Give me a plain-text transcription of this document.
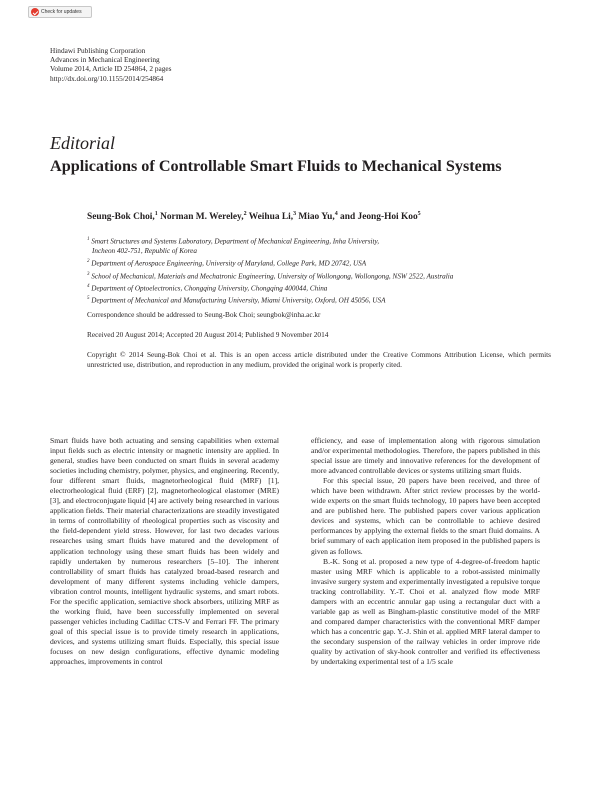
Check for updates
Hindawi Publishing Corporation
Advances in Mechanical Engineering
Volume 2014, Article ID 254864, 2 pages
http://dx.doi.org/10.1155/2014/254864
Editorial
Applications of Controllable Smart Fluids to Mechanical Systems
Seung-Bok Choi,$^1$ Norman M. Wereley,$^2$ Weihua Li,$^3$ Miao Yu,$^4$ and Jeong-Hoi Koo$^5$
$^1$ Smart Structures and Systems Laboratory, Department of Mechanical Engineering, Inha University,
Incheon 402-751, Republic of Korea
$^2$ Department of Aerospace Engineering, University of Maryland, College Park, MD 20742, USA
$^3$ School of Mechanical, Materials and Mechatronic Engineering, University of Wollongong, Wollongong, NSW 2522, Australia
$^4$ Department of Optoelectronics, Chongqing University, Chongqing 400044, China
$^5$ Department of Mechanical and Manufacturing University, Miami University, Oxford, OH 45056, USA
Correspondence should be addressed to Seung-Bok Choi; seungbok@inha.ac.kr
Received 20 August 2014; Accepted 20 August 2014; Published 9 November 2014
Copyright © 2014 Seung-Bok Choi et al. This is an open access article distributed under the Creative Commons Attribution License, which permits unrestricted use, distribution, and reproduction in any medium, provided the original work is properly cited.

Smart fluids have both actuating and sensing capabilities when external input fields such as electric intensity or magnetic intensity are applied. In general, studies have been conducted on smart fluids in several academy societies including chemistry, polymer, physics, and engineering. Recently, four different smart fluids, magnetorheological fluid (MRF) [1], electrorheological fluid (ERF) [2], magnetorheological elastomer (MRE) [3], and electroconjugate liquid [4] are actively being researched in various application fields. Their material characterizations are steadily investigated in terms of controllability of rheological properties such as viscosity and the field-dependent yield stress. However, for last two decades various researches using smart fluids have matured and the development of application technology using these smart fluids has been widely and rapidly undertaken by numerous researchers [5–10]. The inherent controllability of smart fluids has catalyzed broad-based research and development of many different systems including vehicle dampers, vibration control mounts, intelligent hydraulic systems, and smart robots. For the specific application, semiactive shock absorbers, utilizing MRF as the working fluid, have been successfully implemented on several passenger vehicles including Cadillac CTS-V and Ferrari FF. The primary goal of this special issue is to provide timely research in applications, devices, and systems utilizing smart fluids. Especially, this special issue focuses on new design configurations, effective dynamic modeling approaches, improvements in control

efficiency, and ease of implementation along with rigorous simulation and/or experimental methodologies. Therefore, the papers published in this special issue are timely and innovative references for the development of more advanced controllable devices or systems utilizing smart fluids.

For this special issue, 20 papers have been received, and three of which have been withdrawn. After strict review processes by the world-wide experts on the smart fluids technology, 10 papers have been accepted and are published here. The published papers cover various application devices and systems, which can be controllable to achieve desired performances by applying the external fields to the smart fluid domains. A brief summary of each application item proposed in the published papers is given as follows.

B.-K. Song et al. proposed a new type of 4-degree-of-freedom haptic master using MRF which is applicable to a robot-assisted minimally invasive surgery system and experimentally investigated a repulsive torque tracking controllability. Y.-T. Choi et al. analyzed flow mode MRF dampers with an eccentric annular gap using a rectangular duct with a variable gap as well as Bingham-plastic constitutive model of the MRF and compared damper characteristics with the conventional MRF damper which has a concentric gap. Y.-J. Shin et al. applied MRF lateral damper to the secondary suspension of the railway vehicles in order improve ride quality by activation of sky-hook controller and verified its effectiveness by undertaking experimental test of a 1/5 scale
